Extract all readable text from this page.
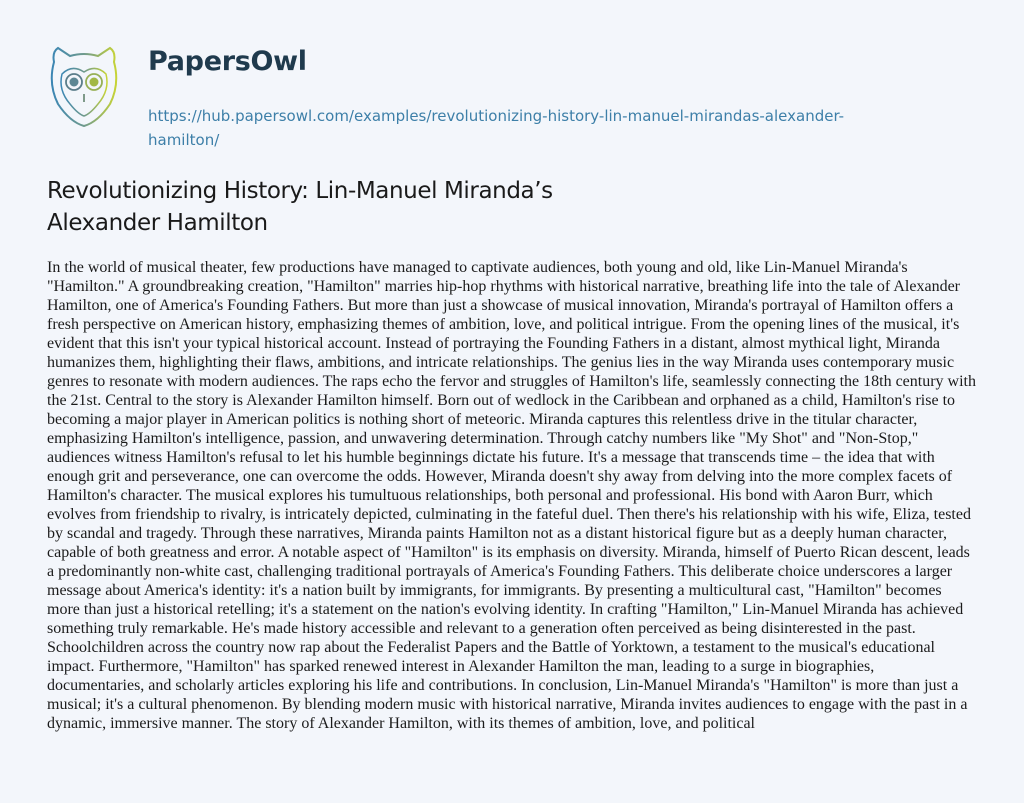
PapersOwl
https://hub.papersowl.com/examples/revolutionizing-history-lin-manuel-mirandas-alexander-
hamilton/
Revolutionizing History: Lin-Manuel Miranda’s
Alexander Hamilton
In the world of musical theater, few productions have managed to captivate audiences, both young and old, like Lin-Manuel Miranda's
"Hamilton." A groundbreaking creation, "Hamilton" marries hip-hop rhythms with historical narrative, breathing life into the tale of Alexander
Hamilton, one of America's Founding Fathers. But more than just a showcase of musical innovation, Miranda's portrayal of Hamilton offers a
fresh perspective on American history, emphasizing themes of ambition, love, and political intrigue. From the opening lines of the musical, it's
evident that this isn't your typical historical account. Instead of portraying the Founding Fathers in a distant, almost mythical light, Miranda
humanizes them, highlighting their flaws, ambitions, and intricate relationships. The genius lies in the way Miranda uses contemporary music
genres to resonate with modern audiences. The raps echo the fervor and struggles of Hamilton's life, seamlessly connecting the 18th century with
the 21st. Central to the story is Alexander Hamilton himself. Born out of wedlock in the Caribbean and orphaned as a child, Hamilton's rise to
becoming a major player in American politics is nothing short of meteoric. Miranda captures this relentless drive in the titular character,
emphasizing Hamilton's intelligence, passion, and unwavering determination. Through catchy numbers like "My Shot" and "Non-Stop,"
audiences witness Hamilton's refusal to let his humble beginnings dictate his future. It's a message that transcends time – the idea that with
enough grit and perseverance, one can overcome the odds. However, Miranda doesn't shy away from delving into the more complex facets of
Hamilton's character. The musical explores his tumultuous relationships, both personal and professional. His bond with Aaron Burr, which
evolves from friendship to rivalry, is intricately depicted, culminating in the fateful duel. Then there's his relationship with his wife, Eliza, tested
by scandal and tragedy. Through these narratives, Miranda paints Hamilton not as a distant historical figure but as a deeply human character,
capable of both greatness and error. A notable aspect of "Hamilton" is its emphasis on diversity. Miranda, himself of Puerto Rican descent, leads
a predominantly non-white cast, challenging traditional portrayals of America's Founding Fathers. This deliberate choice underscores a larger
message about America's identity: it's a nation built by immigrants, for immigrants. By presenting a multicultural cast, "Hamilton" becomes
more than just a historical retelling; it's a statement on the nation's evolving identity. In crafting "Hamilton," Lin-Manuel Miranda has achieved
something truly remarkable. He's made history accessible and relevant to a generation often perceived as being disinterested in the past.
Schoolchildren across the country now rap about the Federalist Papers and the Battle of Yorktown, a testament to the musical's educational
impact. Furthermore, "Hamilton" has sparked renewed interest in Alexander Hamilton the man, leading to a surge in biographies,
documentaries, and scholarly articles exploring his life and contributions. In conclusion, Lin-Manuel Miranda's "Hamilton" is more than just a
musical; it's a cultural phenomenon. By blending modern music with historical narrative, Miranda invites audiences to engage with the past in a
dynamic, immersive manner. The story of Alexander Hamilton, with its themes of ambition, love, and political
